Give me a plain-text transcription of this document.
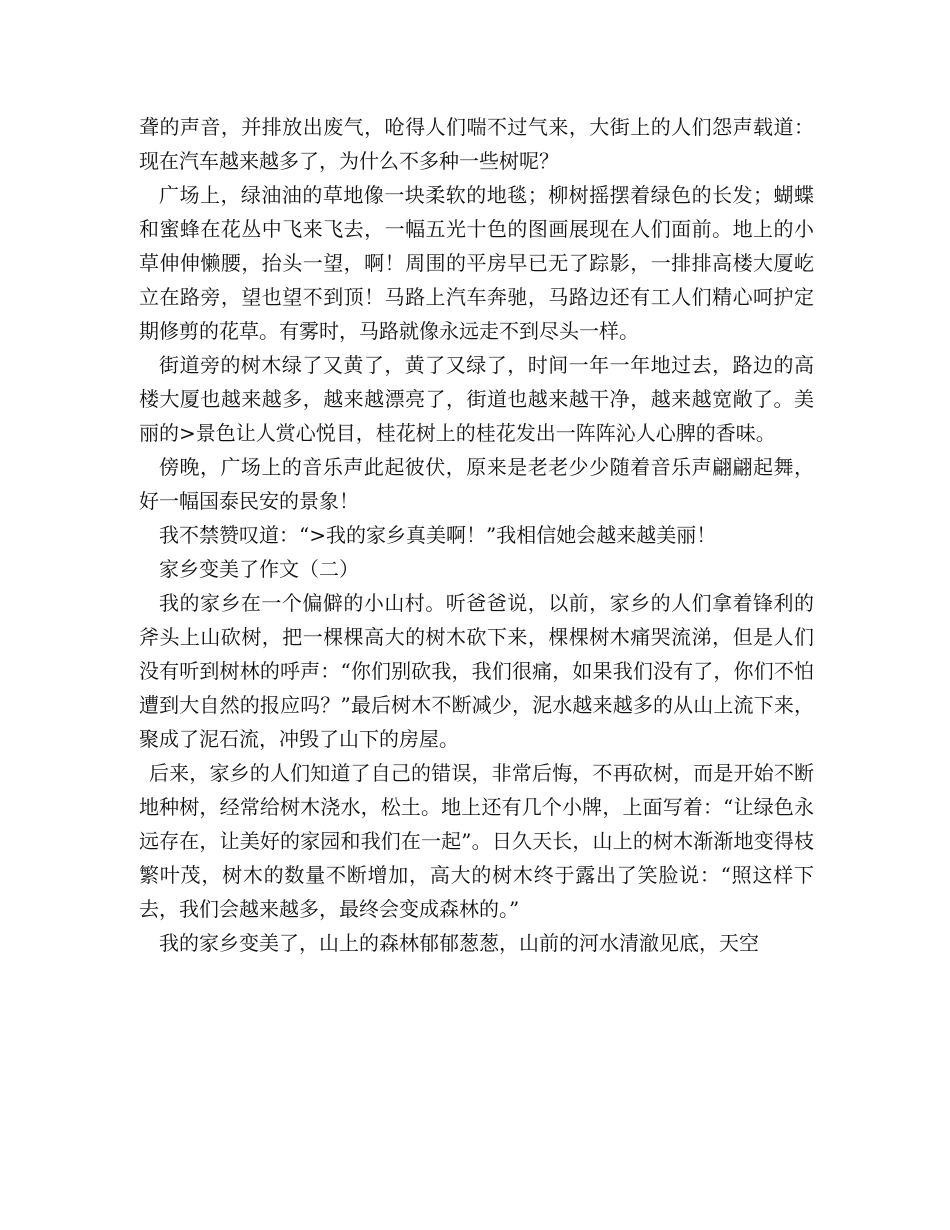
聋的声音，并排放出废气，呛得人们喘不过气来，大街上的人们怨声载道：现在汽车越来越多了，为什么不多种一些树呢？

广场上，绿油油的草地像一块柔软的地毯；柳树摇摆着绿色的长发；蝴蝶和蜜蜂在花丛中飞来飞去，一幅五光十色的图画展现在人们面前。地上的小草伸伸懒腰，抬头一望，啊！周围的平房早已无了踪影，一排排高楼大厦屹立在路旁，望也望不到顶！马路上汽车奔驰，马路边还有工人们精心呵护定期修剪的花草。有雾时，马路就像永远走不到尽头一样。

街道旁的树木绿了又黄了，黄了又绿了，时间一年一年地过去，路边的高楼大厦也越来越多，越来越漂亮了，街道也越来越干净，越来越宽敞了。美丽的>景色让人赏心悦目，桂花树上的桂花发出一阵阵沁人心脾的香味。

傍晚，广场上的音乐声此起彼伏，原来是老老少少随着音乐声翩翩起舞，好一幅国泰民安的景象！

我不禁赞叹道：“>我的家乡真美啊！”我相信她会越来越美丽！

家乡变美了作文（二）

我的家乡在一个偏僻的小山村。听爸爸说，以前，家乡的人们拿着锋利的斧头上山砍树，把一棵棵高大的树木砍下来，棵棵树木痛哭流涕，但是人们没有听到树林的呼声：“你们别砍我，我们很痛，如果我们没有了，你们不怕遭到大自然的报应吗？”最后树木不断减少，泥水越来越多的从山上流下来，聚成了泥石流，冲毁了山下的房屋。

后来，家乡的人们知道了自己的错误，非常后悔，不再砍树，而是开始不断地种树，经常给树木浇水，松土。地上还有几个小牌，上面写着：“让绿色永远存在，让美好的家园和我们在一起”。日久天长，山上的树木渐渐地变得枝繁叶茂，树木的数量不断增加，高大的树木终于露出了笑脸说：“照这样下去，我们会越来越多，最终会变成森林的。”

我的家乡变美了，山上的森林郁郁葱葱，山前的河水清澈见底，天空
